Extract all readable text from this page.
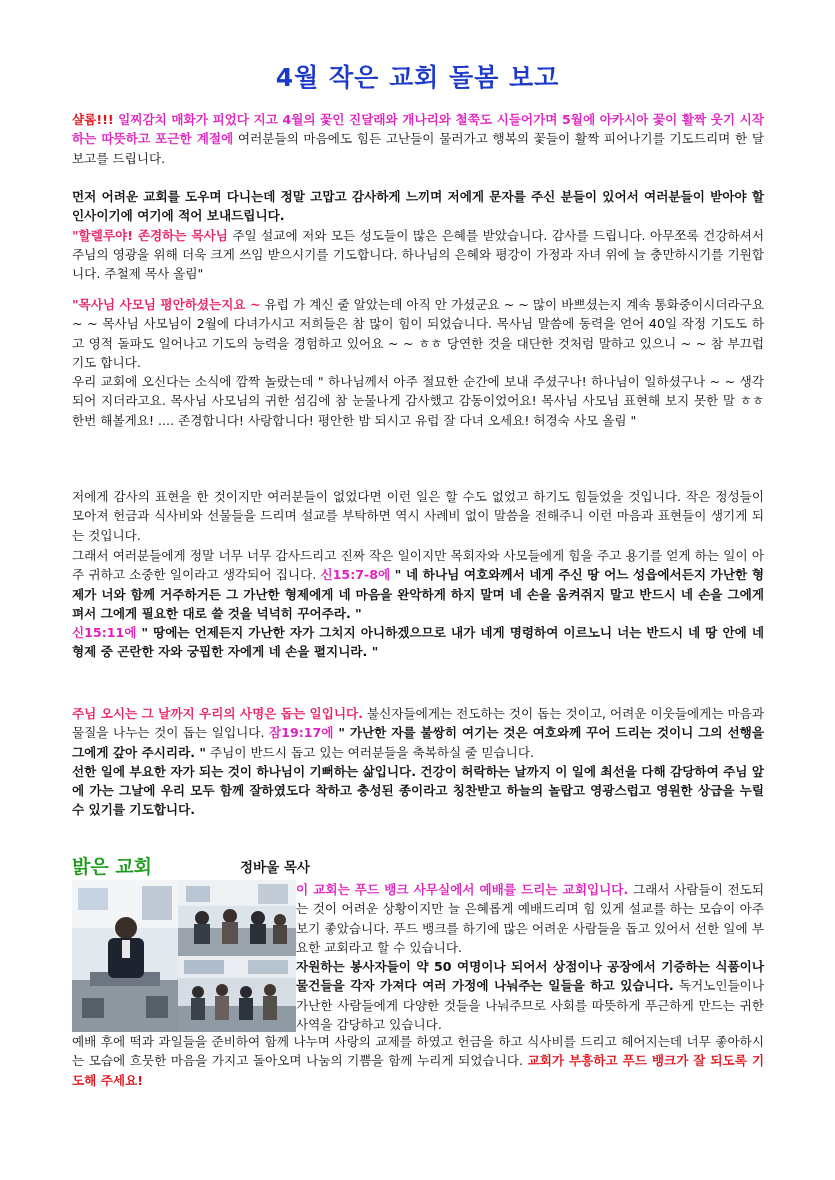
4월 작은 교회 돌봄 보고

샬롬!!! 일찌감치 매화가 피었다 지고 4월의 꽃인 진달래와 개나리와 철쭉도 시들어가며 5월에 아카시아 꽃이 활짝 웃기 시작하는 따뜻하고 포근한 계절에 여러분들의 마음에도 힘든 고난들이 물러가고 행복의 꽃들이 활짝 피어나기를 기도드리며 한 달 보고를 드립니다.

먼저 어려운 교회를 도우며 다니는데 정말 고맙고 감사하게 느끼며 저에게 문자를 주신 분들이 있어서 여러분들이 받아야 할 인사이기에 여기에 적어 보내드립니다.
"할렐루야! 존경하는 목사님 주일 설교에 저와 모든 성도들이 많은 은혜를 받았습니다. 감사를 드립니다. 아무쪼록 건강하셔서 주님의 영광을 위해 더욱 크게 쓰임 받으시기를 기도합니다. 하나님의 은혜와 평강이 가정과 자녀 위에 늘 충만하시기를 기원합니다. 주철제 목사 올림"

"목사님 사모님 평안하셨는지요 ~ 유럽 가 계신 줄 알았는데 아직 안 가셨군요 ~ ~ 많이 바쁘셨는지 계속 통화중이시더라구요 ~ ~ 목사님 사모님이 2월에 다녀가시고 저희들은 참 많이 힘이 되었습니다. 목사님 말씀에 동력을 얻어 40일 작정 기도도 하고 영적 돌파도 일어나고 기도의 능력을 경험하고 있어요 ~ ~ ㅎㅎ 당연한 것을 대단한 것처럼 말하고 있으니 ~ ~ 참 부끄럽기도 합니다.
우리 교회에 오신다는 소식에 깜짝 놀랐는데 " 하나님께서 아주 절묘한 순간에 보내 주셨구나! 하나님이 일하셨구나 ~ ~ 생각되어 지더라고요. 목사님 사모님의 귀한 섬김에 참 눈물나게 감사했고 감동이었어요! 목사님 사모님 표현해 보지 못한 말 ㅎㅎ 한번 해볼게요! .... 존경합니다! 사랑합니다! 평안한 밤 되시고 유럽 잘 다녀 오세요! 허경숙 사모 올림 "

저에게 감사의 표현을 한 것이지만 여러분들이 없었다면 이런 일은 할 수도 없었고 하기도 힘들었을 것입니다. 작은 정성들이 모아져 헌금과 식사비와 선물들을 드리며 설교를 부탁하면 역시 사례비 없이 말씀을 전해주니 이런 마음과 표현들이 생기게 되는 것입니다.

그래서 여러분들에게 정말 너무 너무 감사드리고 진짜 작은 일이지만 목회자와 사모들에게 힘을 주고 용기를 얻게 하는 일이 아주 귀하고 소중한 일이라고 생각되어 집니다. 신15:7-8에 " 네 하나님 여호와께서 네게 주신 땅 어느 성읍에서든지 가난한 형제가 너와 함께 거주하거든 그 가난한 형제에게 네 마음을 완악하게 하지 말며 네 손을 움켜쥐지 말고 반드시 네 손을 그에게 펴서 그에게 필요한 대로 쓸 것을 넉넉히 꾸어주라. "
신15:11에 " 땅에는 언제든지 가난한 자가 그치지 아니하겠으므로 내가 네게 명령하여 이르노니 너는 반드시 네 땅 안에 네 형제 중 곤란한 자와 궁핍한 자에게 네 손을 펼지니라. "

주님 오시는 그 날까지 우리의 사명은 돕는 일입니다. 불신자들에게는 전도하는 것이 돕는 것이고, 어려운 이웃들에게는 마음과 물질을 나누는 것이 돕는 일입니다. 잠19:17에 " 가난한 자를 불쌍히 여기는 것은 여호와께 꾸어 드리는 것이니 그의 선행을 그에게 갚아 주시리라. " 주님이 반드시 돕고 있는 여러분들을 축복하실 줄 믿습니다.
선한 일에 부요한 자가 되는 것이 하나님이 기뻐하는 삶입니다. 건강이 허락하는 날까지 이 일에 최선을 다해 감당하여 주님 앞에 가는 그날에 우리 모두 함께 잘하였도다 착하고 충성된 종이라고 칭찬받고 하늘의 놀랍고 영광스럽고 영원한 상급을 누릴 수 있기를 기도합니다.

밝은 교회	정바울 목사

이 교회는 푸드 뱅크 사무실에서 예배를 드리는 교회입니다. 그래서 사람들이 전도되는 것이 어려운 상황이지만 늘 은혜롭게 예배드리며 힘 있게 설교를 하는 모습이 아주 보기 좋았습니다. 푸드 뱅크를 하기에 많은 어려운 사람들을 돕고 있어서 선한 일에 부요한 교회라고 할 수 있습니다.
자원하는 봉사자들이 약 50 여명이나 되어서 상점이나 공장에서 기증하는 식품이나 물건들을 각자 가져다 여러 가정에 나눠주는 일들을 하고 있습니다. 독거노인들이나 가난한 사람들에게 다양한 것들을 나눠주므로 사회를 따뜻하게 푸근하게 만드는 귀한 사역을 감당하고 있습니다.

예배 후에 떡과 과일들을 준비하여 함께 나누며 사랑의 교제를 하였고 헌금을 하고 식사비를 드리고 헤어지는데 너무 좋아하시는 모습에 흐뭇한 마음을 가지고 돌아오며 나눔의 기쁨을 함께 누리게 되었습니다. 교회가 부흥하고 푸드 뱅크가 잘 되도록 기도해 주세요!
